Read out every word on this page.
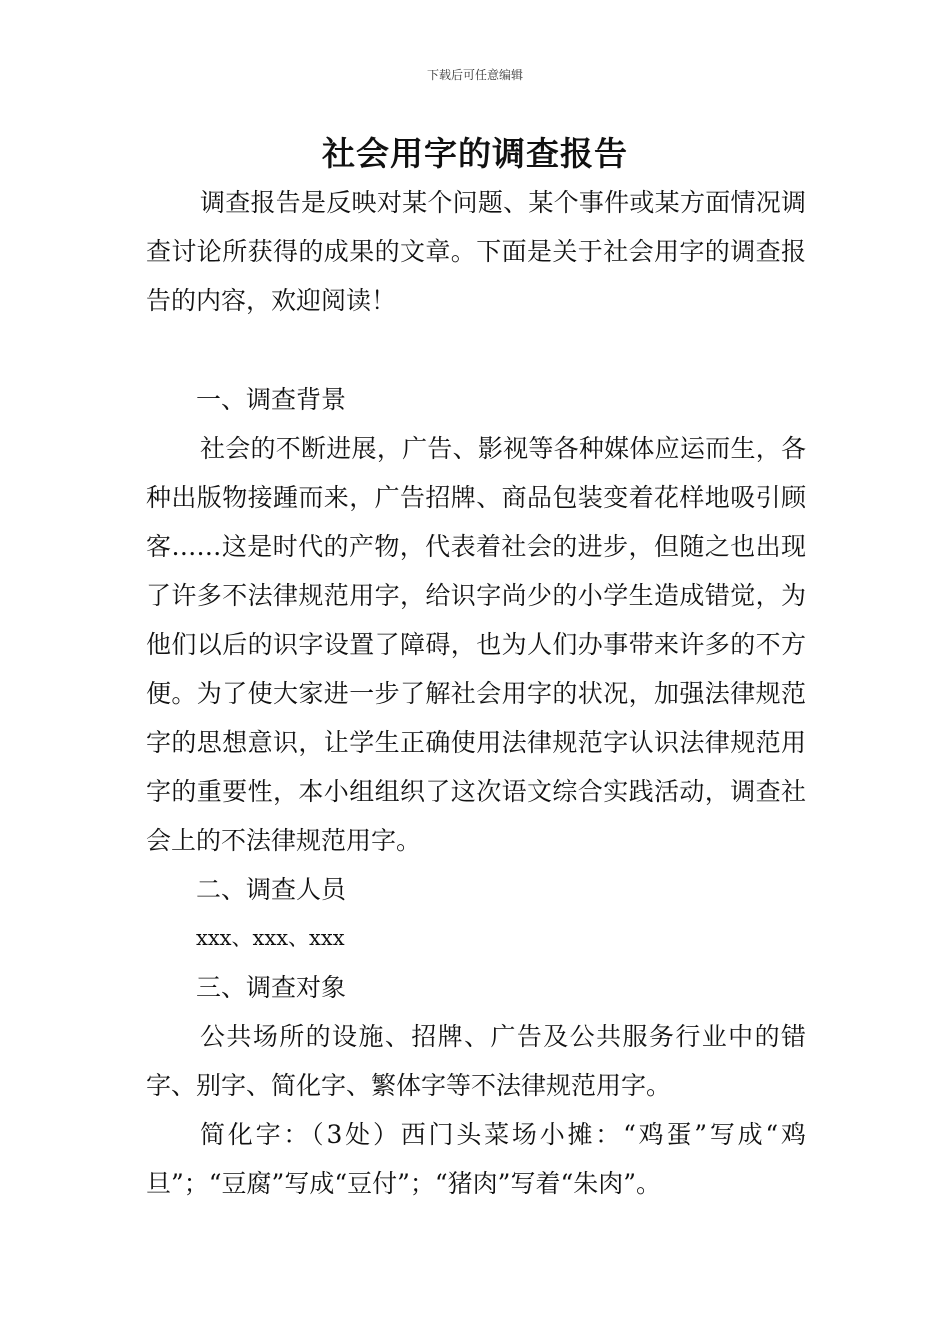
下载后可任意编辑
社会用字的调查报告

调查报告是反映对某个问题、某个事件或某方面情况调查讨论所获得的成果的文章。下面是关于社会用字的调查报告的内容，欢迎阅读！

一、调查背景

社会的不断进展，广告、影视等各种媒体应运而生，各种出版物接踵而来，广告招牌、商品包装变着花样地吸引顾客……这是时代的产物，代表着社会的进步，但随之也出现了许多不法律规范用字，给识字尚少的小学生造成错觉，为他们以后的识字设置了障碍，也为人们办事带来许多的不方便。为了使大家进一步了解社会用字的状况，加强法律规范字的思想意识，让学生正确使用法律规范字认识法律规范用字的重要性，本小组组织了这次语文综合实践活动，调查社会上的不法律规范用字。

二、调查人员

xxx、xxx、xxx

三、调查对象

公共场所的设施、招牌、广告及公共服务行业中的错字、别字、简化字、繁体字等不法律规范用字。

简化字：（3处）西门头菜场小摊：“鸡蛋”写成“鸡旦”；“豆腐”写成“豆付”；“猪肉”写着“朱肉”。
